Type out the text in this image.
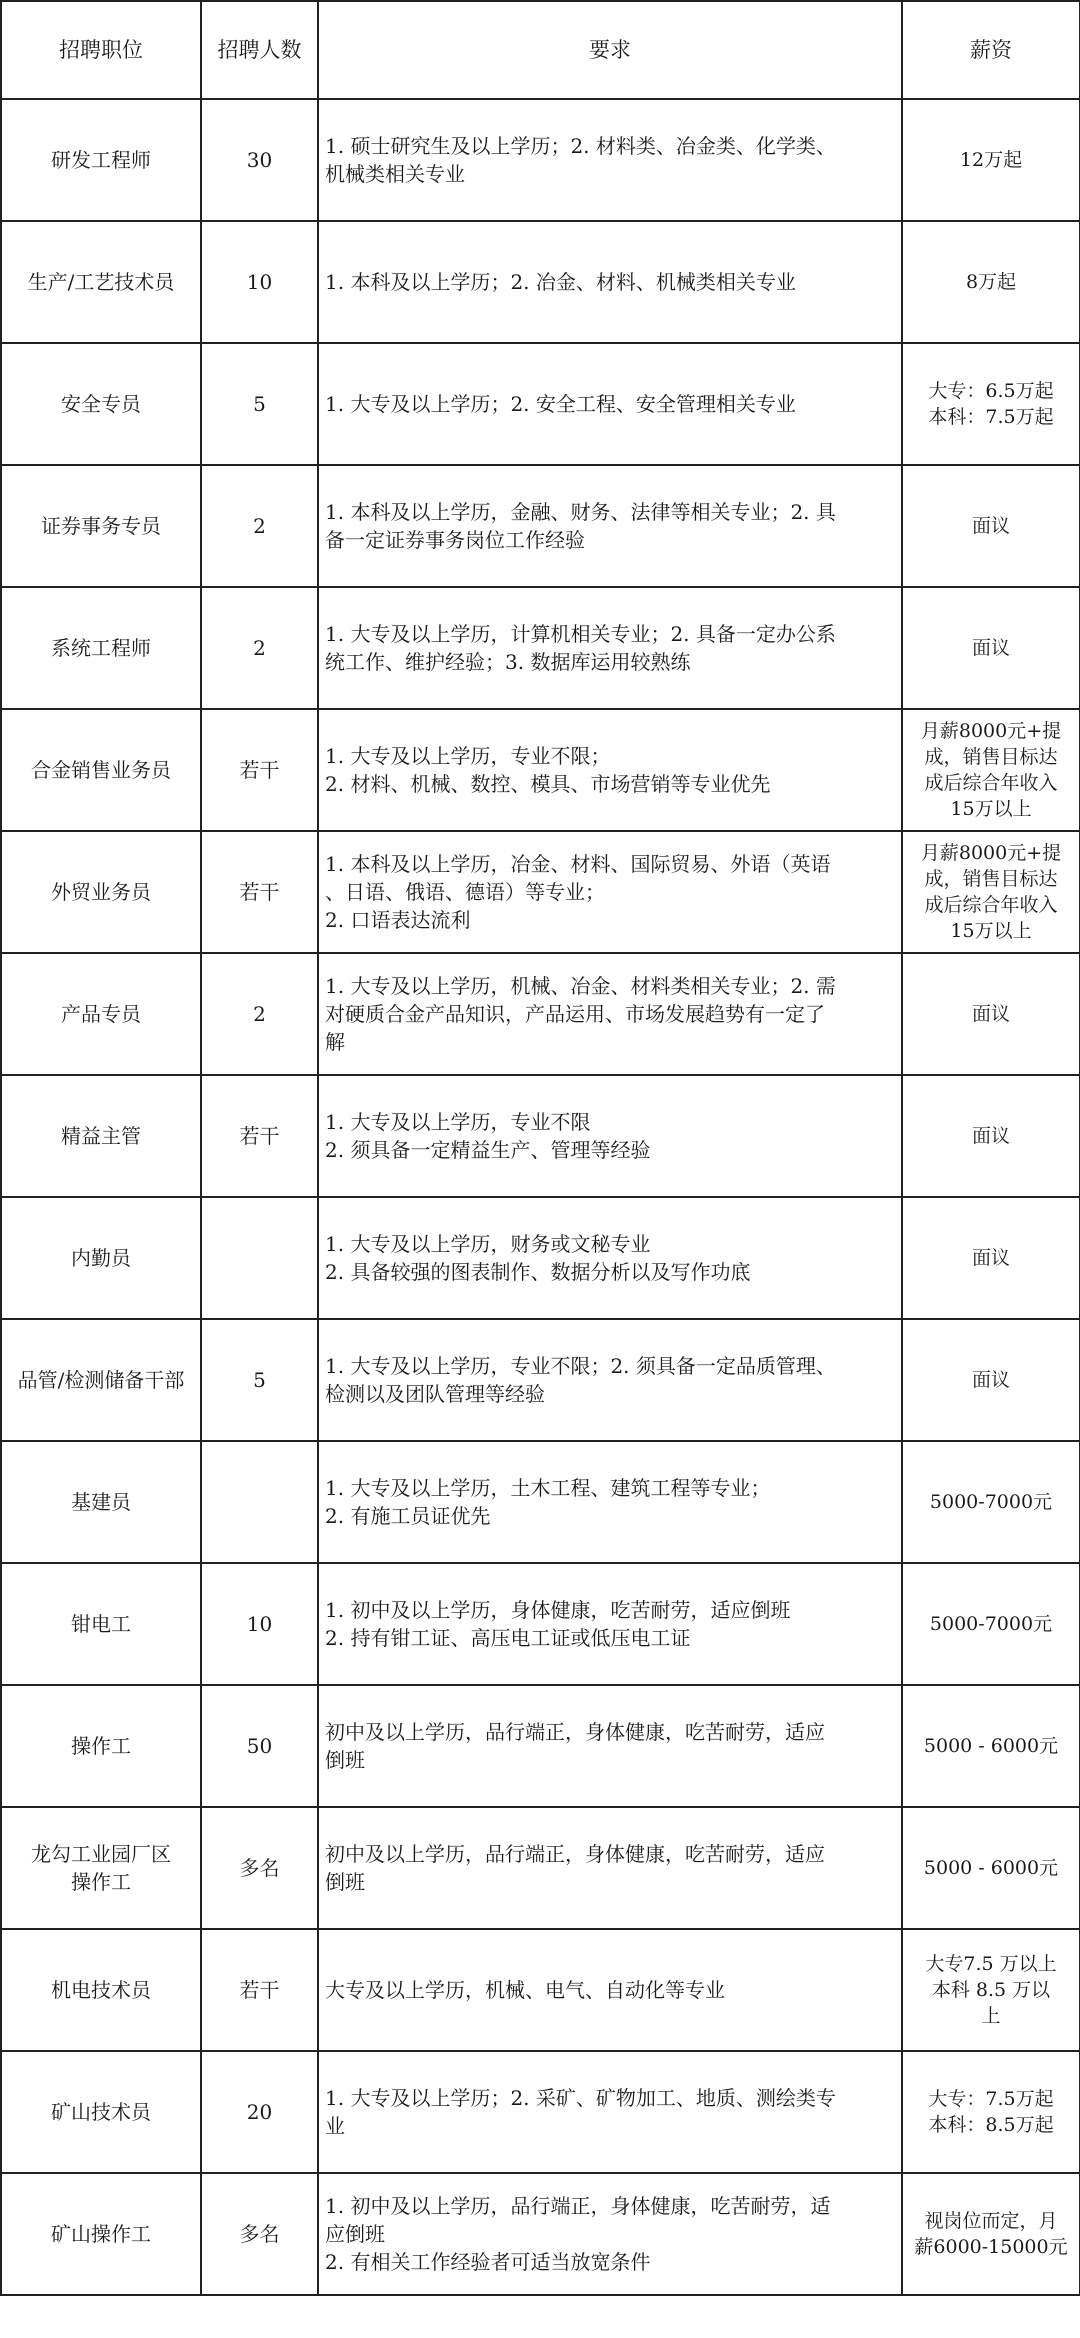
招聘职位	招聘人数	要求	薪资

研发工程师	30	1. 硕士研究生及以上学历；2. 材料类、冶金类、化学类、
机械类相关专业	12万起

生产/工艺技术员	10	1. 本科及以上学历；2. 冶金、材料、机械类相关专业	8万起

安全专员	5	1. 大专及以上学历；2. 安全工程、安全管理相关专业	大专：6.5万起
本科：7.5万起

证券事务专员	2	1. 本科及以上学历，金融、财务、法律等相关专业；2. 具
备一定证券事务岗位工作经验	面议

系统工程师	2	1. 大专及以上学历，计算机相关专业；2. 具备一定办公系
统工作、维护经验；3. 数据库运用较熟练	面议

合金销售业务员	若干	1. 大专及以上学历，专业不限；
2. 材料、机械、数控、模具、市场营销等专业优先	月薪8000元+提
成，销售目标达
成后综合年收入
15万以上

外贸业务员	若干	1. 本科及以上学历，冶金、材料、国际贸易、外语（英语
、日语、俄语、德语）等专业；
2. 口语表达流利	月薪8000元+提
成，销售目标达
成后综合年收入
15万以上

产品专员	2	1. 大专及以上学历，机械、冶金、材料类相关专业；2. 需
对硬质合金产品知识，产品运用、市场发展趋势有一定了
解	面议

精益主管	若干	1. 大专及以上学历，专业不限
2. 须具备一定精益生产、管理等经验	面议

内勤员		1. 大专及以上学历，财务或文秘专业
2. 具备较强的图表制作、数据分析以及写作功底	面议

品管/检测储备干部	5	1. 大专及以上学历，专业不限；2. 须具备一定品质管理、
检测以及团队管理等经验	面议

基建员		1. 大专及以上学历，土木工程、建筑工程等专业；
2. 有施工员证优先	5000-7000元

钳电工	10	1. 初中及以上学历，身体健康，吃苦耐劳，适应倒班
2. 持有钳工证、高压电工证或低压电工证	5000-7000元

操作工	50	初中及以上学历，品行端正，身体健康，吃苦耐劳，适应
倒班	5000 - 6000元

龙勾工业园厂区
操作工	多名	初中及以上学历，品行端正，身体健康，吃苦耐劳，适应
倒班	5000 - 6000元

机电技术员	若干	大专及以上学历，机械、电气、自动化等专业	大专7.5 万以上
本科 8.5 万以
上

矿山技术员	20	1. 大专及以上学历；2. 采矿、矿物加工、地质、测绘类专
业	大专：7.5万起
本科：8.5万起

矿山操作工	多名	1. 初中及以上学历，品行端正，身体健康，吃苦耐劳，适
应倒班
2. 有相关工作经验者可适当放宽条件	视岗位而定，月
薪6000-15000元
